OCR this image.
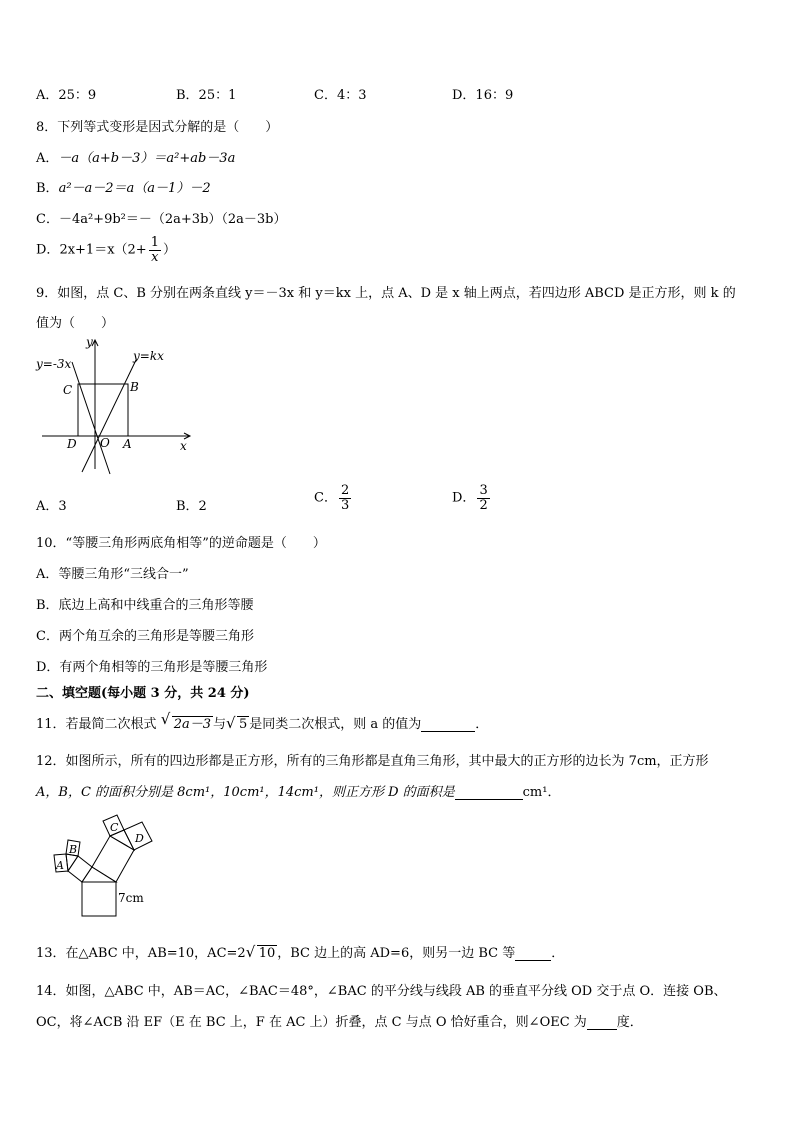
A．25：9	B．25：1	C．4：3	D．16：9
8．下列等式变形是因式分解的是（　　）
A．－a（a+b－3）＝a²+ab－3a
B．a²－a－2＝a（a－1）－2
C．－4a²+9b²＝－（2a+3b）（2a－3b）
D．$2x+1=x(2+ \frac{1}{x}$ ）
9．如图，点 C、B 分别在两条直线 y＝－3x 和 y＝kx 上，点 A、D 是 x 轴上两点，若四边形 ABCD 是正方形，则 k 的
值为（　　）
y=-3x
y=kx
y
x
C	B
D O A
A．3	B．2
C． $\frac{2}{3}$	D． $\frac{3}{2}$
10．“等腰三角形两底角相等”的逆命题是（　　）
A．等腰三角形“三线合一”
B．底边上高和中线重合的三角形等腰
C．两个角互余的三角形是等腰三角形
D．有两个角相等的三角形是等腰三角形
二、填空题(每小题 3 分，共 24 分)
11．若最简二次根式 √ 2a－3 与 √ 5 是同类二次根式，则 a 的值为	．
12．如图所示，所有的四边形都是正方形，所有的三角形都是直角三角形，其中最大的正方形的边长为 7cm，正方形
A，B，C 的面积分别是 8cm¹，10cm¹，14cm¹，则正方形 D 的面积是	cm¹．
A
B
C
D
7cm
13．在△ABC 中，AB=10，AC=2 √ 10 ，BC 边上的高 AD=6，则另一边 BC 等	．
14．如图，△ABC 中，AB＝AC，∠BAC＝48°，∠BAC 的平分线与线段 AB 的垂直平分线 OD 交于点 O．连接 OB、
OC，将∠ACB 沿 EF（E 在 BC 上，F 在 AC 上）折叠，点 C 与点 O 恰好重合，则∠OEC 为 度．
